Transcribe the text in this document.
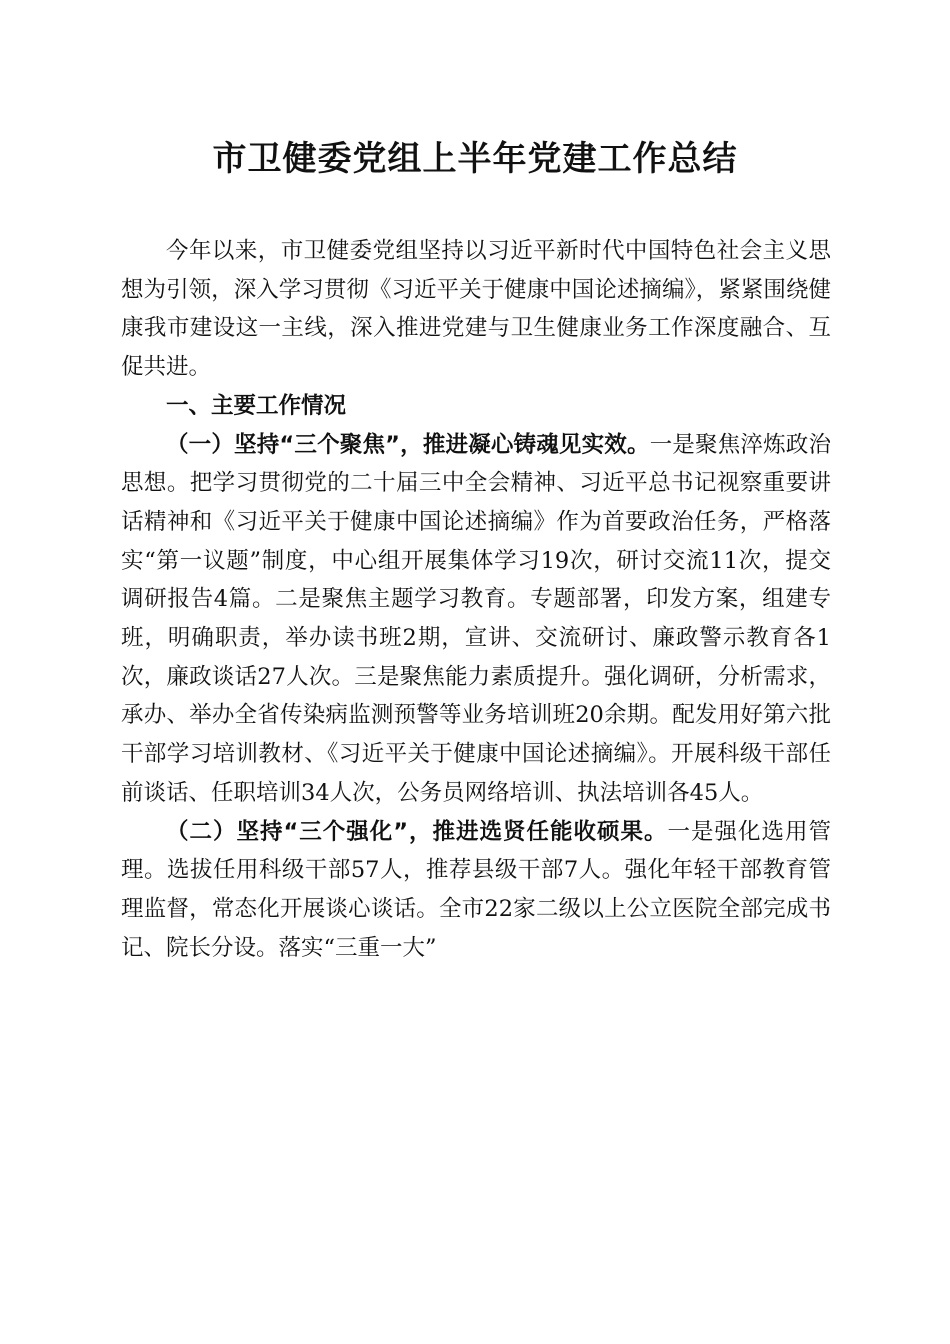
市卫健委党组上半年党建工作总结

今年以来，市卫健委党组坚持以习近平新时代中国特色社会主义思想为引领，深入学习贯彻《习近平关于健康中国论述摘编》，紧紧围绕健康我市建设这一主线，深入推进党建与卫生健康业务工作深度融合、互促共进。

一、主要工作情况

（一）坚持“三个聚焦”，推进凝心铸魂见实效。一是聚焦淬炼政治思想。把学习贯彻党的二十届三中全会精神、习近平总书记视察重要讲话精神和《习近平关于健康中国论述摘编》作为首要政治任务，严格落实“第一议题”制度，中心组开展集体学习19次，研讨交流11次，提交调研报告4篇。二是聚焦主题学习教育。专题部署，印发方案，组建专班，明确职责，举办读书班2期，宣讲、交流研讨、廉政警示教育各1次，廉政谈话27人次。三是聚焦能力素质提升。强化调研，分析需求，承办、举办全省传染病监测预警等业务培训班20余期。配发用好第六批干部学习培训教材、《习近平关于健康中国论述摘编》。开展科级干部任前谈话、任职培训34人次，公务员网络培训、执法培训各45人。

（二）坚持“三个强化”，推进选贤任能收硕果。一是强化选用管理。选拔任用科级干部57人，推荐县级干部7人。强化年轻干部教育管理监督，常态化开展谈心谈话。全市22家二级以上公立医院全部完成书记、院长分设。落实“三重一大”
